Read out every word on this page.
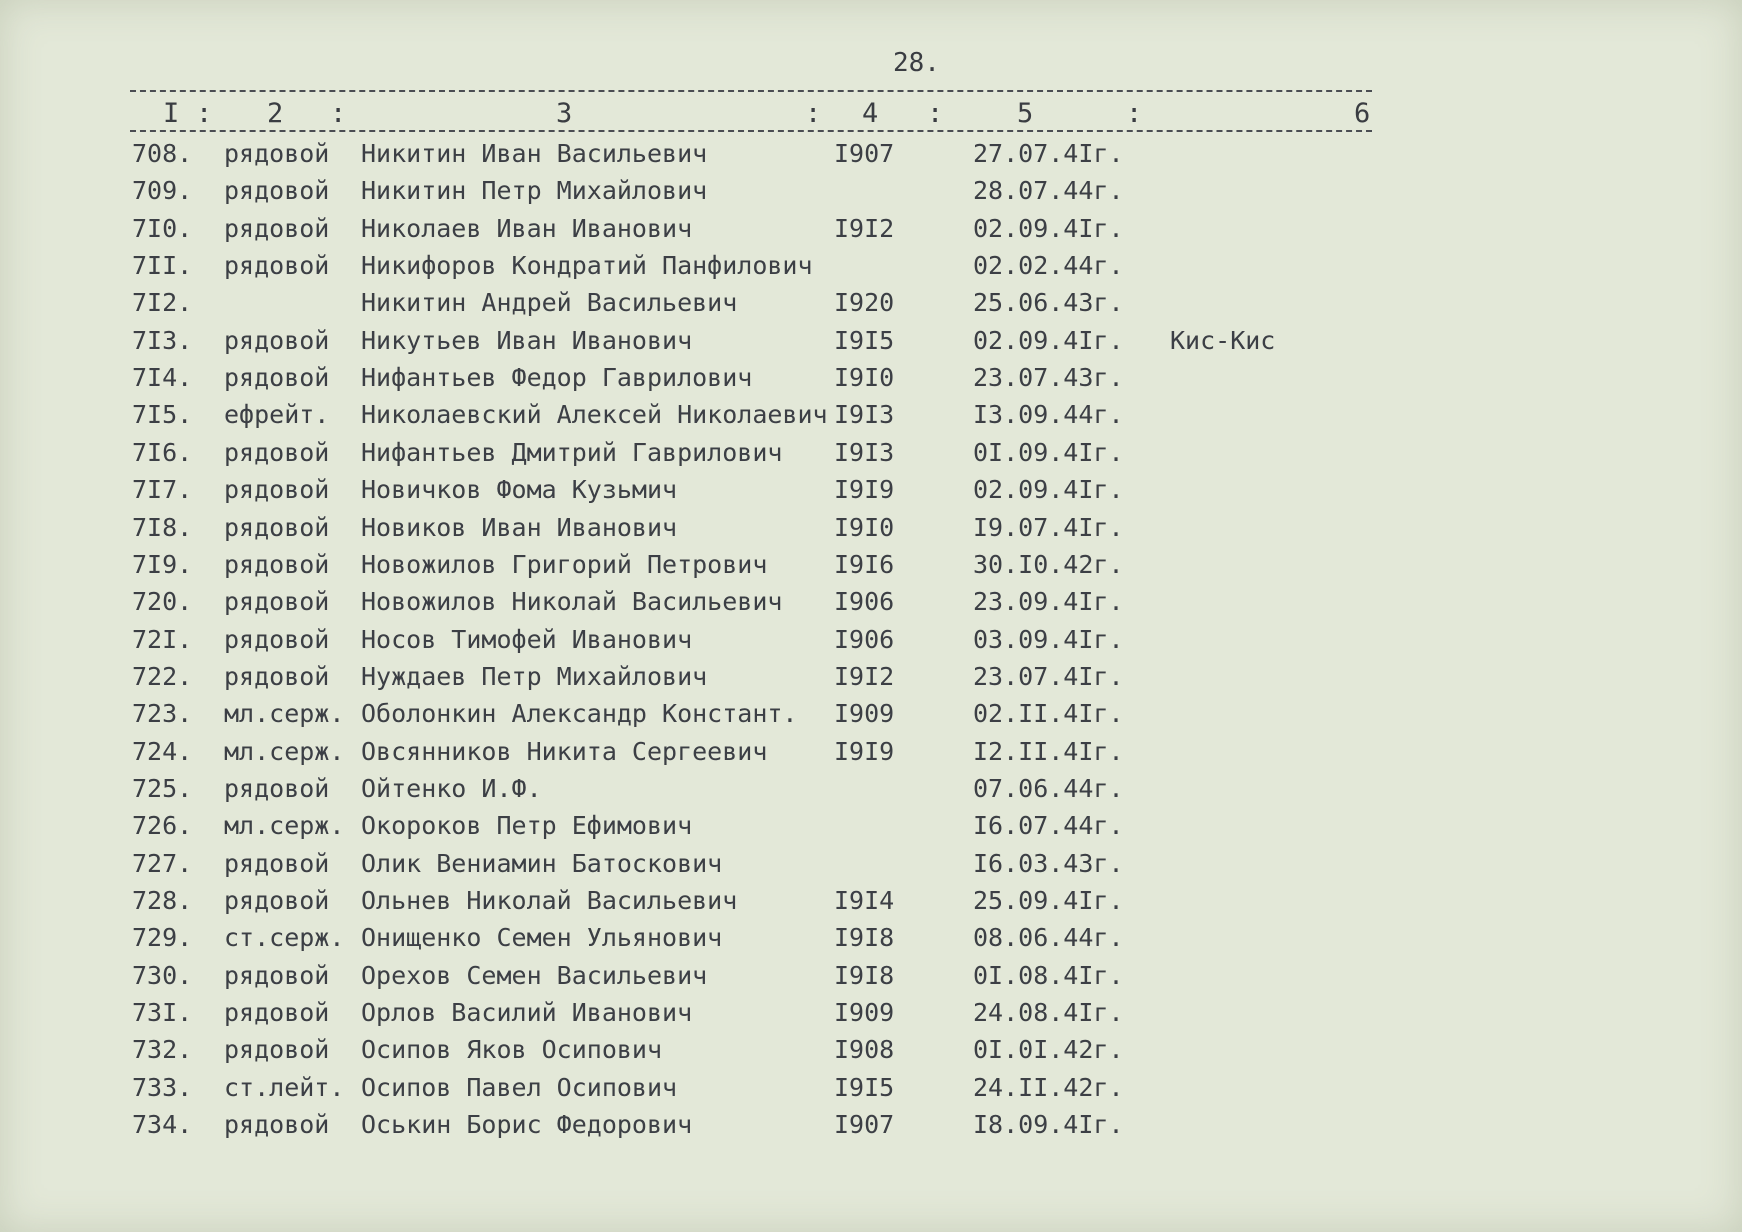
28.
I : 2 :	3	: 4 :	5	:	6
708. рядовой Никитин Иван Васильевич	I907	27.07.4Iг.
709. рядовой Никитин Петр Михайлович	28.07.44г.
7I0. рядовой Николаев Иван Иванович	I9I2	02.09.4Iг.
7II. рядовой Никифоров Кондратий Панфилович	02.02.44г.
7I2.	Никитин Андрей Васильевич	I920	25.06.43г.
7I3. рядовой Никутьев Иван Иванович	I9I5	02.09.4Iг. Кис-Кис
7I4. рядовой Нифантьев Федор Гаврилович	I9I0	23.07.43г.
7I5. ефрейт. Николаевский Алексей Николаевич I9I3	I3.09.44г.
7I6. рядовой Нифантьев Дмитрий Гаврилович I9I3	0I.09.4Iг.
7I7. рядовой Новичков Фома Кузьмич	I9I9	02.09.4Iг.
7I8. рядовой Новиков Иван Иванович	I9I0	I9.07.4Iг.
7I9. рядовой Новожилов Григорий Петрович	I9I6	30.I0.42г.
720. рядовой Новожилов Николай Васильевич I906	23.09.4Iг.
72I. рядовой Носов Тимофей Иванович	I906	03.09.4Iг.
722. рядовой Нуждаев Петр Михайлович	I9I2	23.07.4Iг.
723. мл.серж. Оболонкин Александр Констант. I909	02.II.4Iг.
724. мл.серж. Овсянников Никита Сергеевич	I9I9	I2.II.4Iг.
725. рядовой Ойтенко И.Ф.	07.06.44г.
726. мл.серж. Окороков Петр Ефимович	I6.07.44г.
727. рядовой Олик Вениамин Батоскович	I6.03.43г.
728. рядовой Ольнев Николай Васильевич	I9I4	25.09.4Iг.
729. ст.серж. Онищенко Семен Ульянович	I9I8	08.06.44г.
730. рядовой Орехов Семен Васильевич	I9I8	0I.08.4Iг.
73I. рядовой Орлов Василий Иванович	I909	24.08.4Iг.
732. рядовой Осипов Яков Осипович	I908	0I.0I.42г.
733. ст.лейт. Осипов Павел Осипович	I9I5	24.II.42г.
734. рядовой Оськин Борис Федорович	I907	I8.09.4Iг.
